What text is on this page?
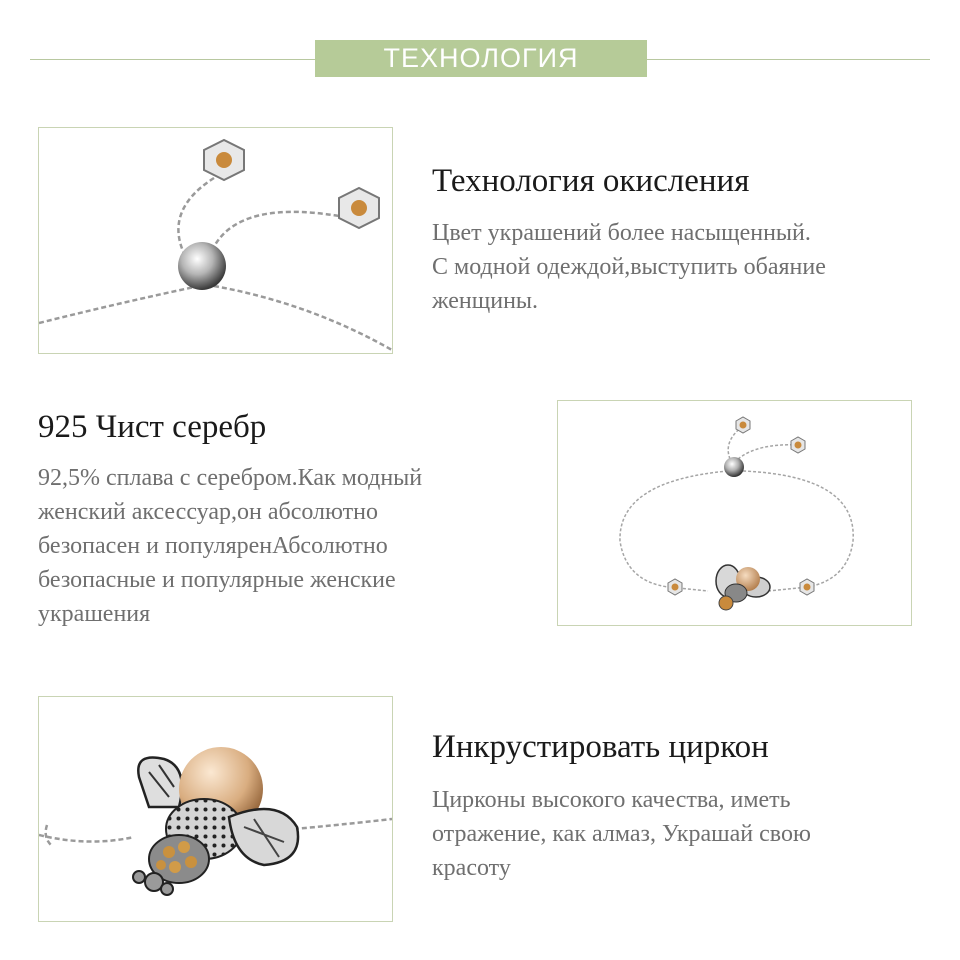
ТЕХНОЛОГИЯ
Технология окисления
Цвет украшений более насыщенный.
С модной одеждой,выступить обаяние
женщины.
925 Чист серебр
92,5% сплава с серебром.Как модный
женский аксессуар,он абсолютно
безопасен и популяренАбсолютно
безопасные и популярные женские
украшения
Инкрустировать циркон
Цирконы высокого качества, иметь
отражение, как алмаз, Украшай свою
красоту
